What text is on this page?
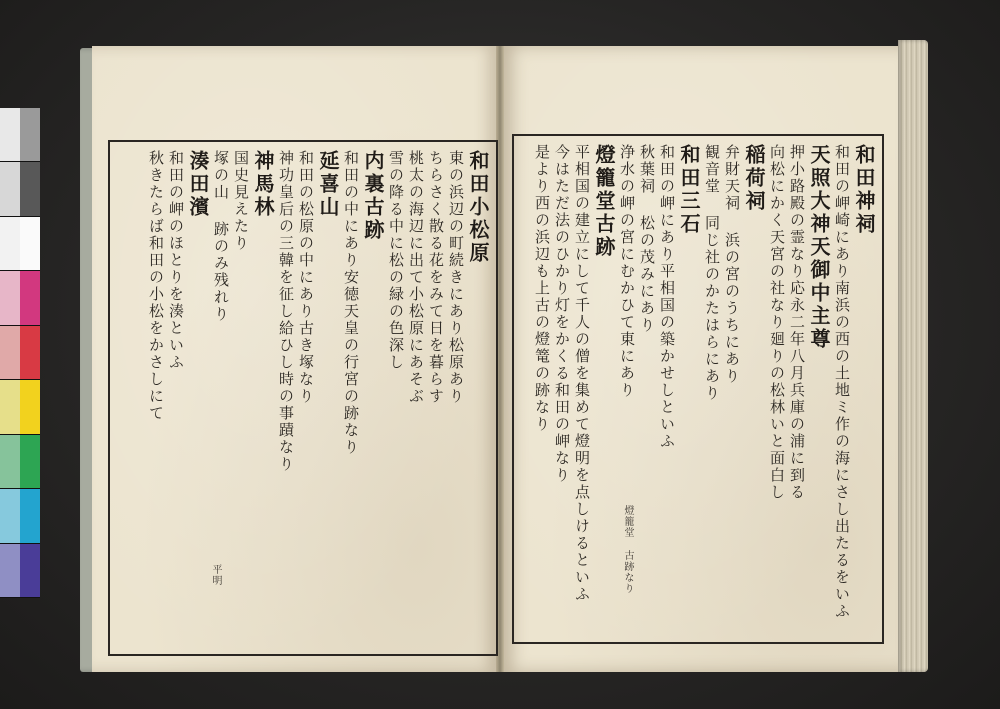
和田小松原
東の浜辺の町続きにあり松原あり
ちらさく散る花をみて日を暮らす
桃太の海辺に出て小松原にあそぶ
雪の降る中に松の緑の色深し
内裏古跡
和田の中にあり安徳天皇の行宮の跡なり
延喜山
和田の松原の中にあり古き塚なり
神功皇后の三韓を征し給ひし時の事蹟なり
神馬林
国史見えたり
塚の山 跡のみ残れり
湊田濱
和田の岬のほとりを湊といふ
秋きたらば和田の小松をかさしにて	和田神祠
和田の岬崎にあり南浜の西の土地ミ作の海にさし出たるをいふ
天照大神天御中主尊
押小路殿の霊なり応永二年八月兵庫の浦に到る
向松にかく天宮の社なり廻りの松林いと面白し
稲荷祠
弁財天祠 浜の宮のうちにあり
観音堂 同じ社のかたはらにあり
和田三石
和田の岬にあり平相国の築かせしといふ
秋葉祠 松の茂みにあり
浄水の岬の宮にむかひて東にあり
燈籠堂古跡
平相国の建立にして千人の僧を集めて燈明を点しけるといふ
今はただ法のひかり灯をかくる和田の岬なり
是より西の浜辺も上古の燈篭の跡なり
平明	燈籠堂 古跡なり
